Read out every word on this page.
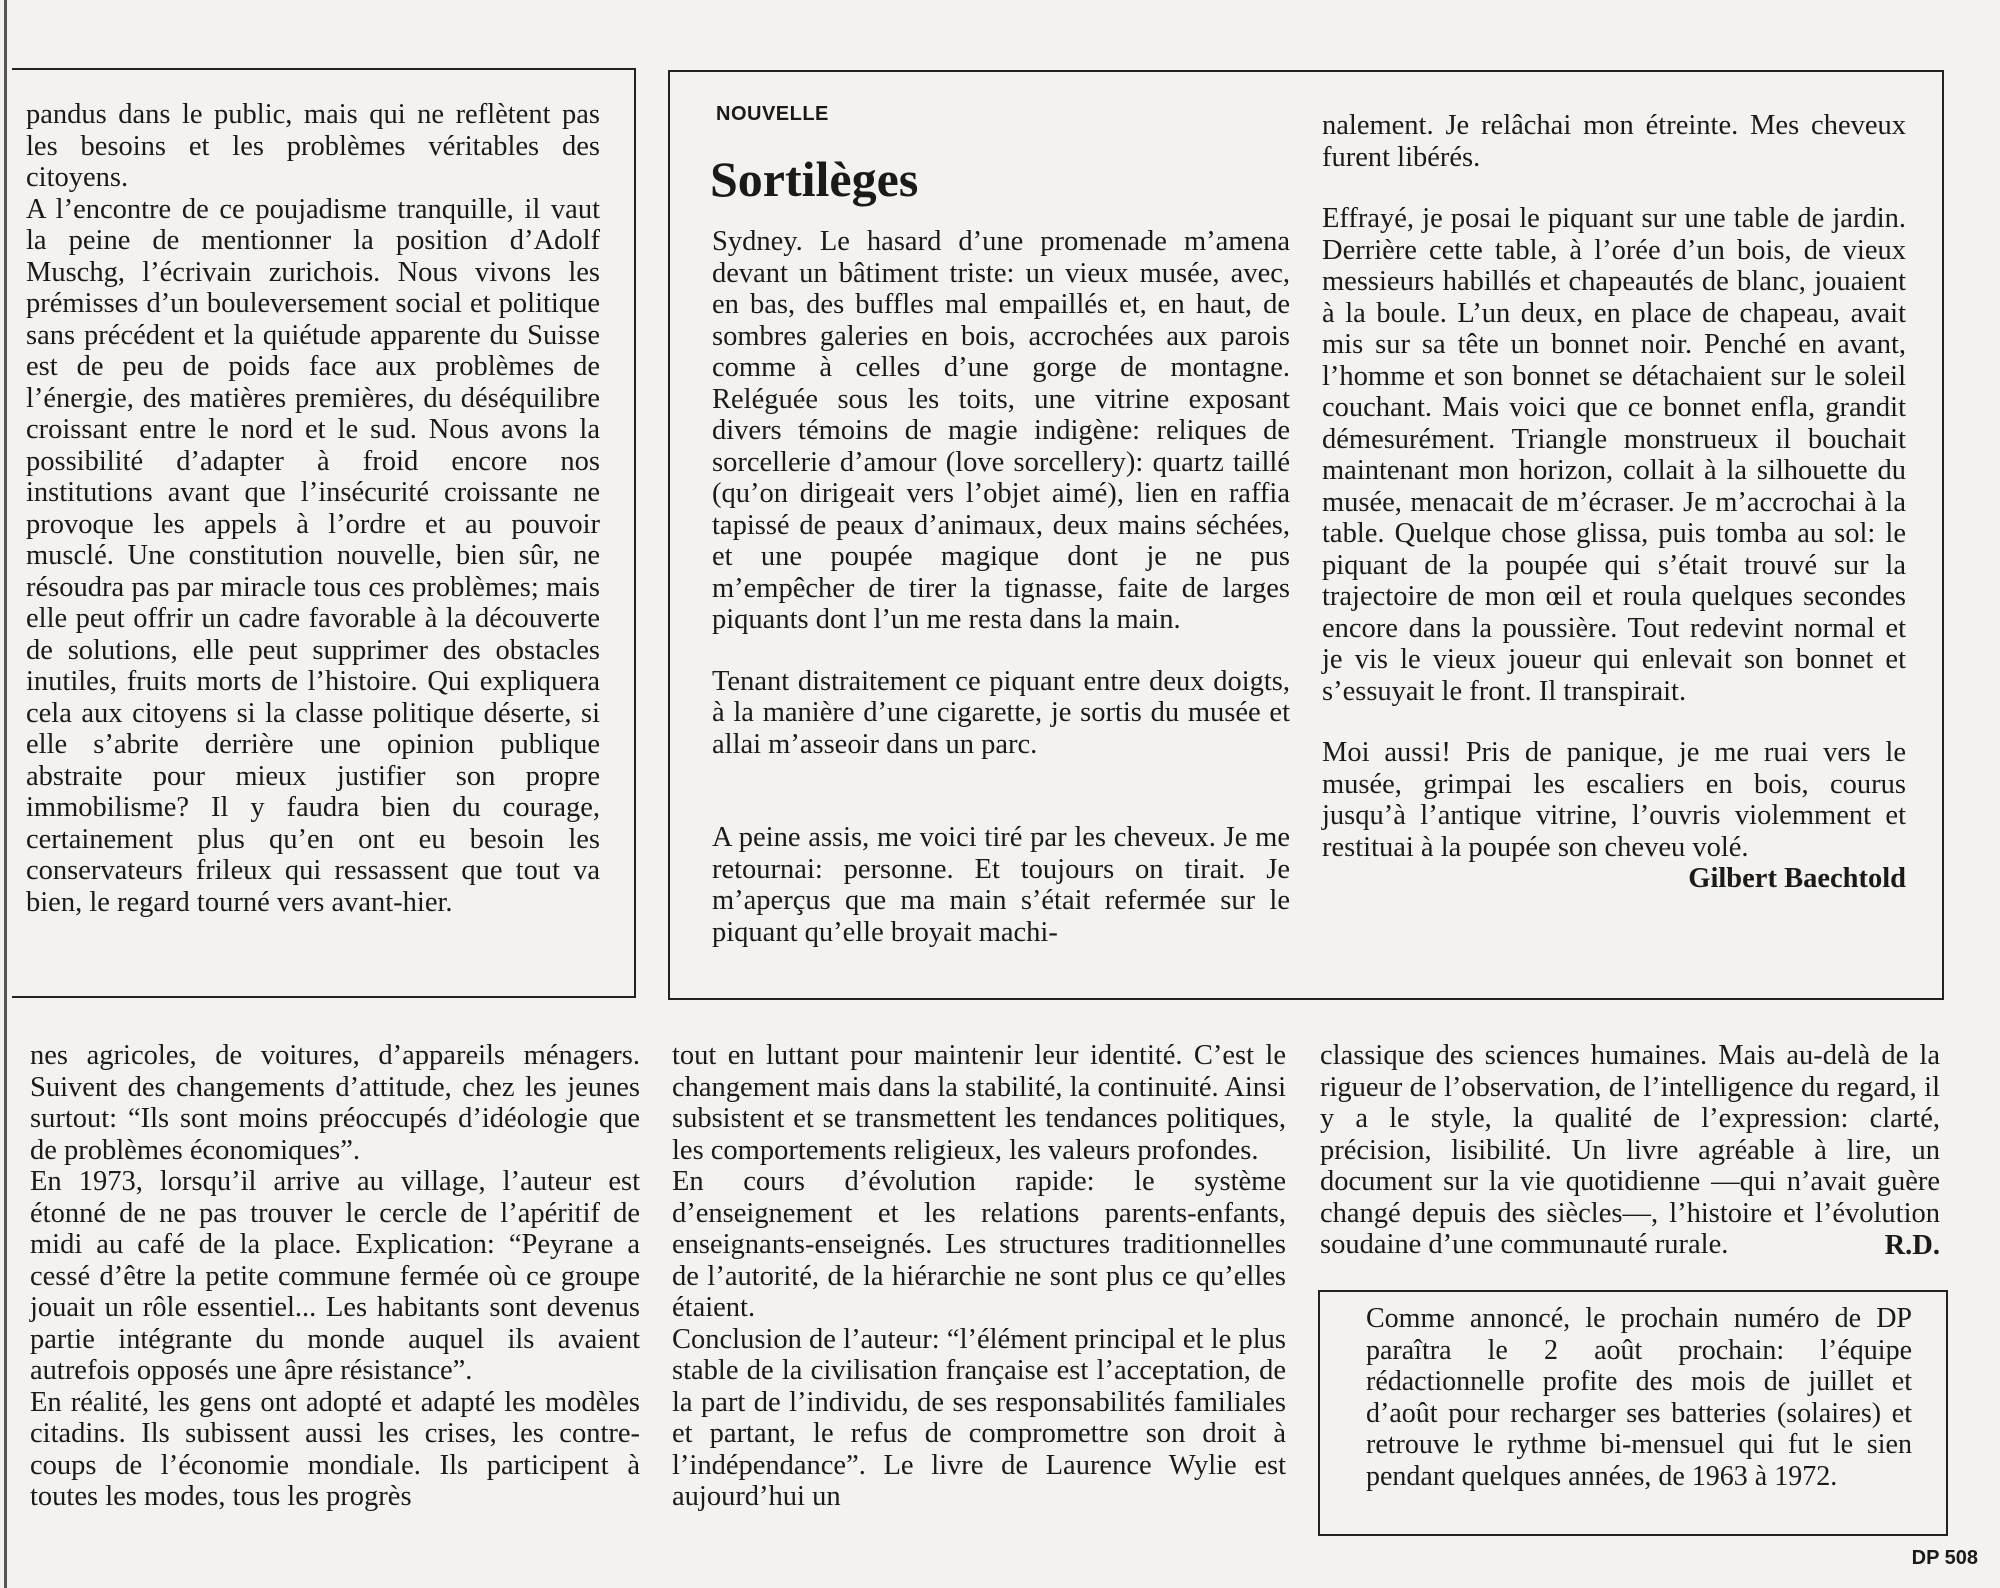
pandus dans le public, mais qui ne reflètent pas les besoins et les problèmes véritables des citoyens.

A l’encontre de ce poujadisme tranquille, il vaut la peine de mentionner la position d’Adolf Muschg, l’écrivain zurichois. Nous vivons les prémisses d’un bouleversement social et politique sans précédent et la quiétude apparente du Suisse est de peu de poids face aux problèmes de l’énergie, des matières premières, du déséquilibre croissant entre le nord et le sud. Nous avons la possibilité d’adapter à froid encore nos institutions avant que l’insécurité croissante ne provoque les appels à l’ordre et au pouvoir musclé. Une constitution nouvelle, bien sûr, ne résoudra pas par miracle tous ces problèmes; mais elle peut offrir un cadre favorable à la découverte de solutions, elle peut supprimer des obstacles inutiles, fruits morts de l’histoire. Qui expliquera cela aux citoyens si la classe politique déserte, si elle s’abrite derrière une opinion publique abstraite pour mieux justifier son propre immobilisme? Il y faudra bien du courage, certainement plus qu’en ont eu besoin les conservateurs frileux qui ressassent que tout va bien, le regard tourné vers avant-hier.

NOUVELLE
Sortilèges

Sydney. Le hasard d’une promenade m’amena devant un bâtiment triste: un vieux musée, avec, en bas, des buffles mal empaillés et, en haut, de sombres galeries en bois, accrochées aux parois comme à celles d’une gorge de montagne. Reléguée sous les toits, une vitrine exposant divers témoins de magie indigène: reliques de sorcellerie d’amour (love sorcellery): quartz taillé (qu’on dirigeait vers l’objet aimé), lien en raffia tapissé de peaux d’animaux, deux mains séchées, et une poupée magique dont je ne pus m’empêcher de tirer la tignasse, faite de larges piquants dont l’un me resta dans la main.

Tenant distraitement ce piquant entre deux doigts, à la manière d’une cigarette, je sortis du musée et allai m’asseoir dans un parc.

A peine assis, me voici tiré par les cheveux. Je me retournai: personne. Et toujours on tirait. Je m’aperçus que ma main s’était refermée sur le piquant qu’elle broyait machi-

nalement. Je relâchai mon étreinte. Mes cheveux furent libérés.

Effrayé, je posai le piquant sur une table de jardin. Derrière cette table, à l’orée d’un bois, de vieux messieurs habillés et chapeautés de blanc, jouaient à la boule. L’un deux, en place de chapeau, avait mis sur sa tête un bonnet noir. Penché en avant, l’homme et son bonnet se détachaient sur le soleil couchant. Mais voici que ce bonnet enfla, grandit démesurément. Triangle monstrueux il bouchait maintenant mon horizon, collait à la silhouette du musée, menacait de m’écraser. Je m’accrochai à la table. Quelque chose glissa, puis tomba au sol: le piquant de la poupée qui s’était trouvé sur la trajectoire de mon œil et roula quelques secondes encore dans la poussière. Tout redevint normal et je vis le vieux joueur qui enlevait son bonnet et s’essuyait le front. Il transpirait.

Moi aussi! Pris de panique, je me ruai vers le musée, grimpai les escaliers en bois, courus jusqu’à l’antique vitrine, l’ouvris violemment et restituai à la poupée son cheveu volé.

Gilbert Baechtold

nes agricoles, de voitures, d’appareils ménagers. Suivent des changements d’attitude, chez les jeunes surtout: “Ils sont moins préoccupés d’idéologie que de problèmes économiques”.

En 1973, lorsqu’il arrive au village, l’auteur est étonné de ne pas trouver le cercle de l’apéritif de midi au café de la place. Explication: “Peyrane a cessé d’être la petite commune fermée où ce groupe jouait un rôle essentiel... Les habitants sont devenus partie intégrante du monde auquel ils avaient autrefois opposés une âpre résistance”.

En réalité, les gens ont adopté et adapté les modèles citadins. Ils subissent aussi les crises, les contre-coups de l’économie mondiale. Ils participent à toutes les modes, tous les progrès

tout en luttant pour maintenir leur identité. C’est le changement mais dans la stabilité, la continuité. Ainsi subsistent et se transmettent les tendances politiques, les comportements religieux, les valeurs profondes.

En cours d’évolution rapide: le système d’enseignement et les relations parents-enfants, enseignants-enseignés. Les structures traditionnelles de l’autorité, de la hiérarchie ne sont plus ce qu’elles étaient.

Conclusion de l’auteur: “l’élément principal et le plus stable de la civilisation française est l’acceptation, de la part de l’individu, de ses responsabilités familiales et partant, le refus de compromettre son droit à l’indépendance”. Le livre de Laurence Wylie est aujourd’hui un

classique des sciences humaines. Mais au-delà de la rigueur de l’observation, de l’intelligence du regard, il y a le style, la qualité de l’expression: clarté, précision, lisibilité. Un livre agréable à lire, un document sur la vie quotidienne —qui n’avait guère changé depuis des siècles—, l’histoire et l’évolution soudaine d’une communauté rurale.	R.D.

Comme annoncé, le prochain numéro de DP paraîtra le 2 août prochain: l’équipe rédactionnelle profite des mois de juillet et d’août pour recharger ses batteries (solaires) et retrouve le rythme bi-mensuel qui fut le sien pendant quelques années, de 1963 à 1972.

DP 508
